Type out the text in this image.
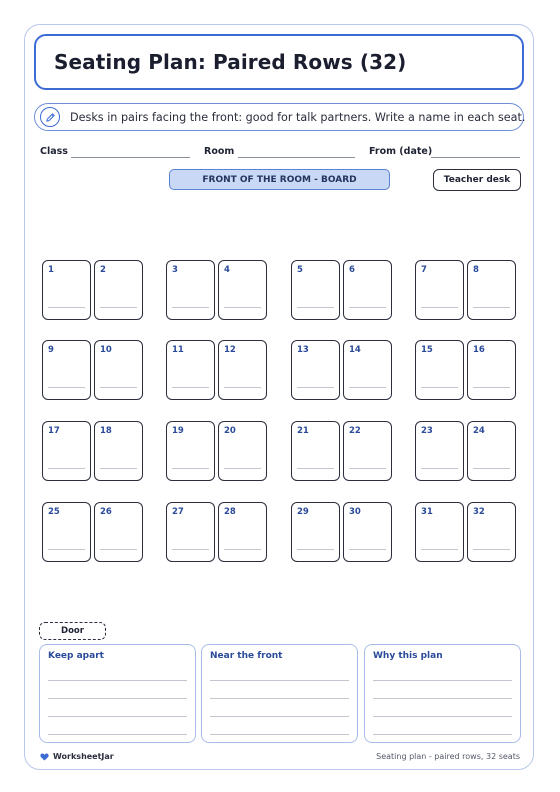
Seating Plan: Paired Rows (32)
Desks in pairs facing the front: good for talk partners. Write a name in each seat.
Class	Room	From (date)
FRONT OF THE ROOM - BOARD	Teacher desk
1	2	3	4	5	6	7	8
9	10	11	12	13	14	15	16
17	18	19	20	21	22	23	24
25	26	27	28	29	30	31	32
Door
Keep apart	Near the front	Why this plan
WorksheetJar	Seating plan - paired rows, 32 seats
